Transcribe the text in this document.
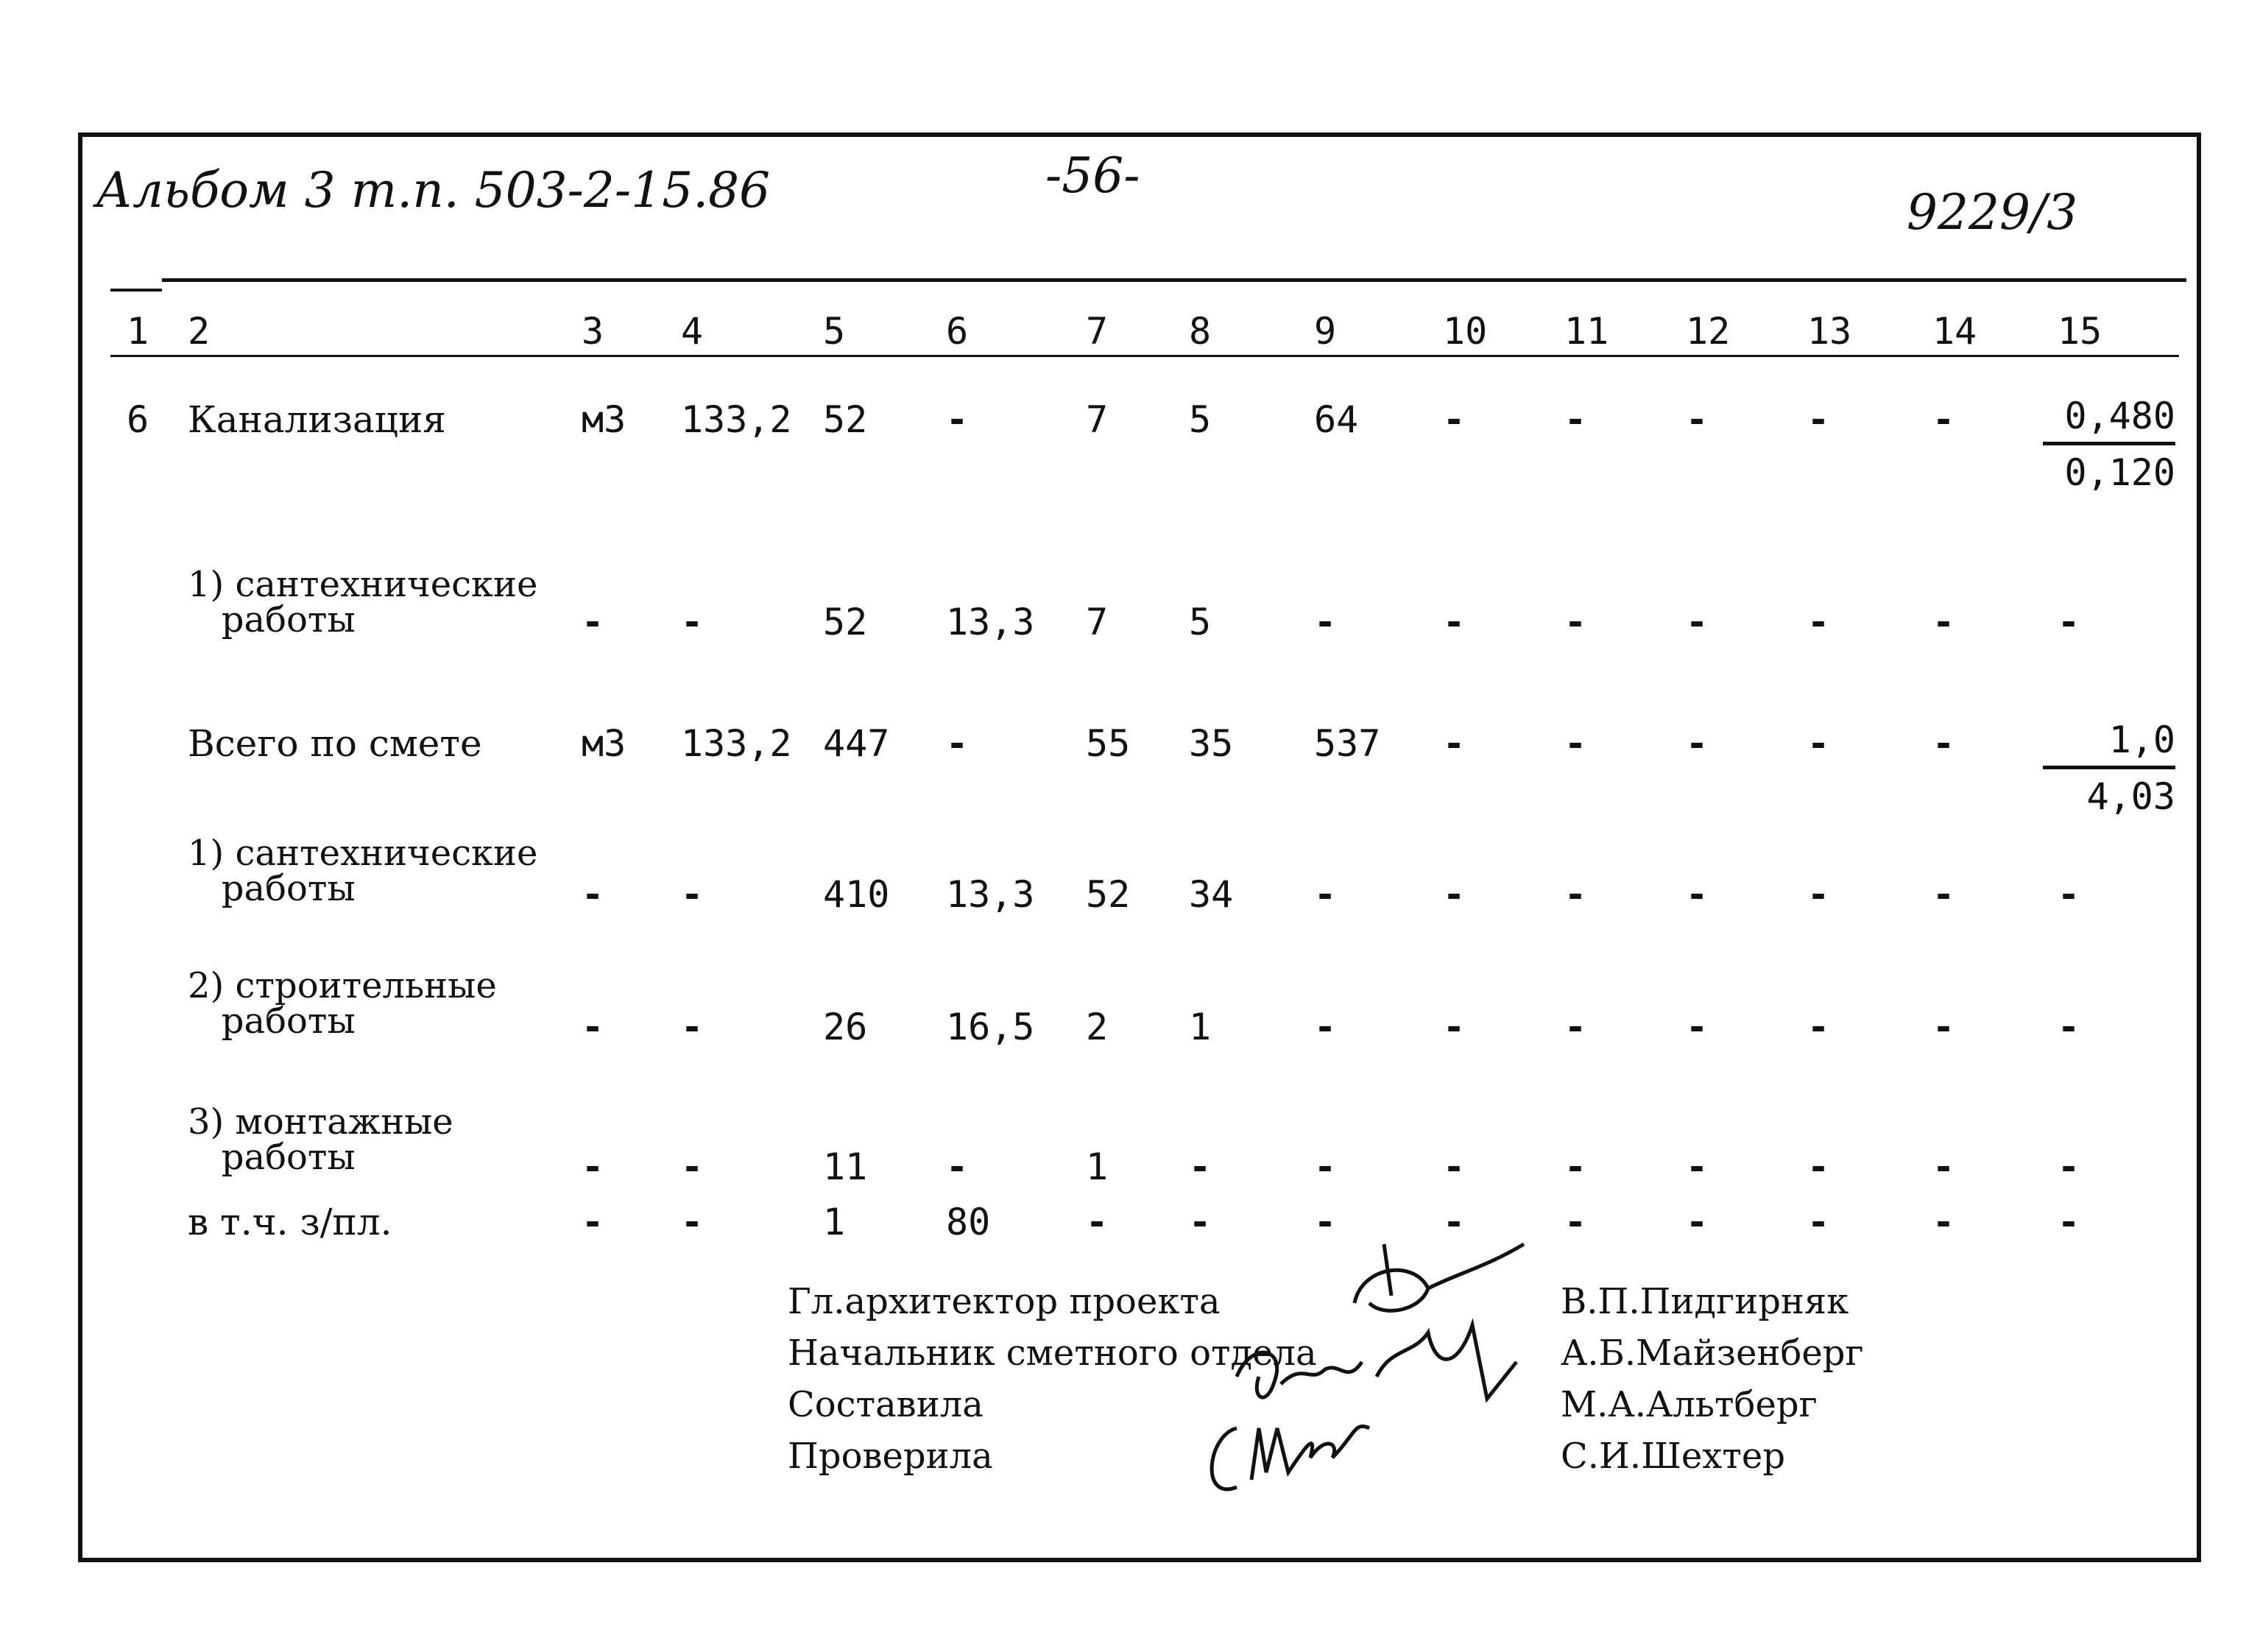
Альбом 3 т.п. 503-2-15.86	-56-
9229/3
1 2	3 4	5	6	7 8	9	10 11 12 13 14 15
6 Канализация	м3 133,2 52 -	7 5	64 -	-	-	-	- $\frac{0,480}{0,120}$
1) сантехнические
работы	- -	52 13,3 7 5	-	-	-	-	-	-	-
Всего по смете	м3 133,2 447 -	55 35 537 -	-	-	-	- $\frac{1,0}{4,03}$
1) сантехнические
работы	- -	410 13,3 52 34 -	-	-	-	-	-	-
2) строительные
работы	- -	26 16,5 2 1	-	-	-	-	-	-	-
3) монтажные
работы	- -	11 -	1 -	-	-	-	-	-	-	-
в т.ч. з/пл.	- -	1	80	- -	-	-	-	-	-	-	-
Гл.архитектор проекта	В.П.Пидгирняк
Начальник сметного отдела	А.Б.Майзенберг
Составила	М.А.Альтберг
Проверила	С.И.Шехтер
